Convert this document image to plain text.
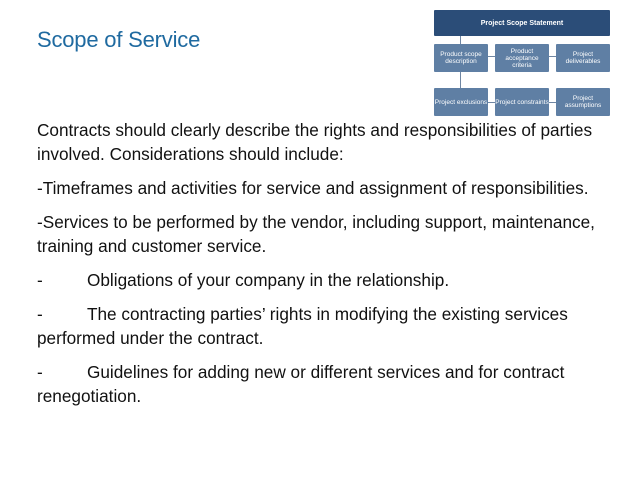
Scope of Service
Project Scope Statement
Product scope description
Product acceptance criteria
Project deliverables
Project exclusions Project constraints	Project assumptions

Contracts should clearly describe the rights and responsibilities of parties involved. Considerations should include:

-Timeframes and activities for service and assignment of responsibilities.

-Services to be performed by the vendor, including support, maintenance, training and customer service.

-	Obligations of your company in the relationship.

-	The contracting parties’ rights in modifying the existing services performed under the contract.

-	Guidelines for adding new or different services and for contract renegotiation.
